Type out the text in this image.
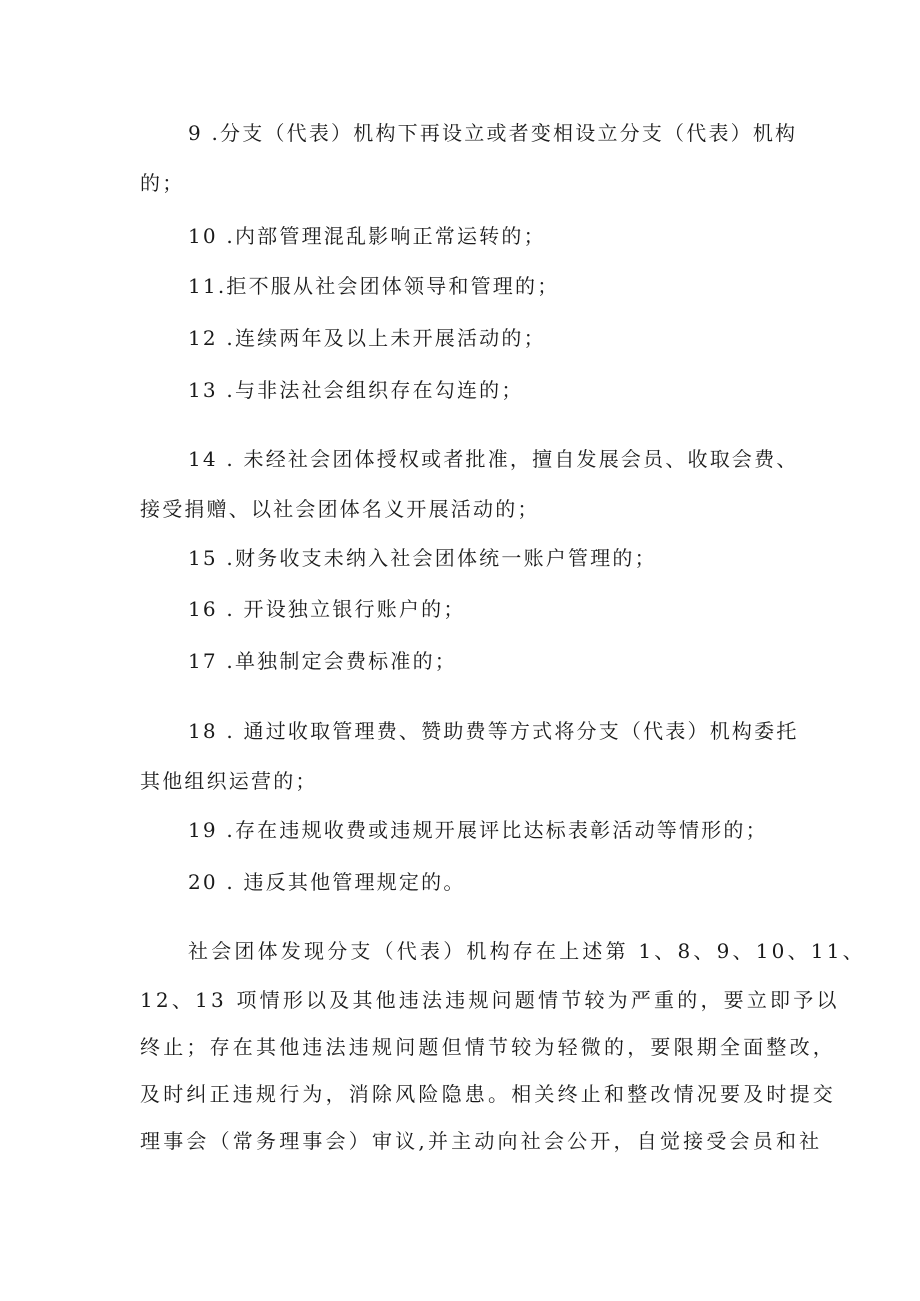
9 .分支（代表）机构下再设立或者变相设立分支（代表）机构
的；
10 .内部管理混乱影响正常运转的；
11.拒不服从社会团体领导和管理的；
12 .连续两年及以上未开展活动的；
13 .与非法社会组织存在勾连的；
14 . 未经社会团体授权或者批准，擅自发展会员、收取会费、
接受捐赠、以社会团体名义开展活动的；
15 .财务收支未纳入社会团体统一账户管理的；
16 . 开设独立银行账户的；
17 .单独制定会费标准的；
18 . 通过收取管理费、赞助费等方式将分支（代表）机构委托
其他组织运营的；
19 .存在违规收费或违规开展评比达标表彰活动等情形的；
20 . 违反其他管理规定的。
社会团体发现分支（代表）机构存在上述第 1、8、9、10、11、
12、13 项情形以及其他违法违规问题情节较为严重的，要立即予以
终止；存在其他违法违规问题但情节较为轻微的，要限期全面整改，
及时纠正违规行为，消除风险隐患。相关终止和整改情况要及时提交
理事会（常务理事会）审议,并主动向社会公开，自觉接受会员和社
